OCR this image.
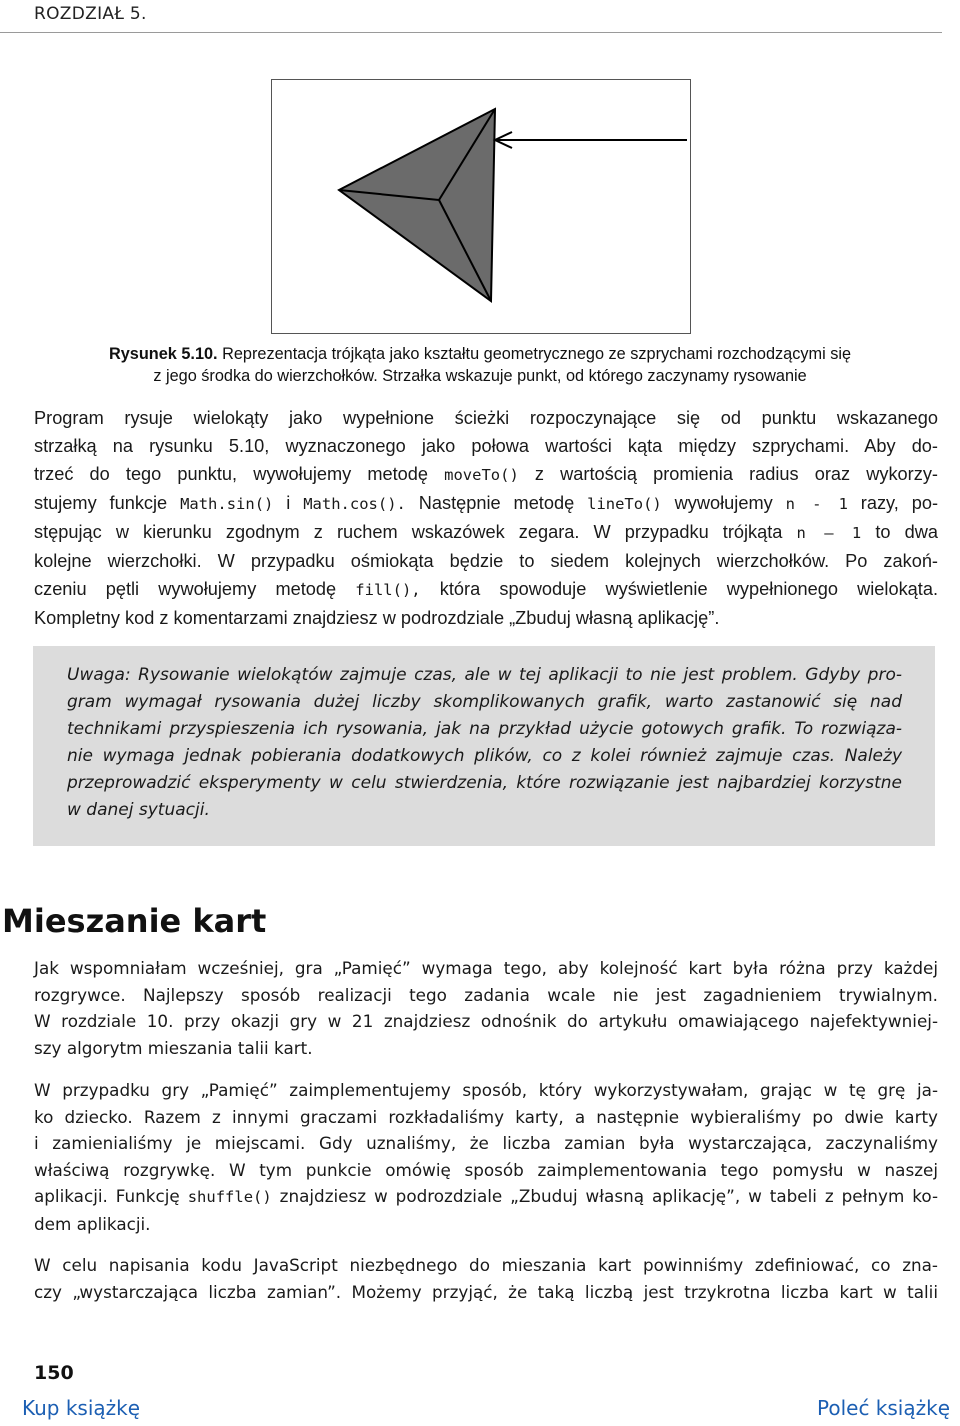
ROZDZIAŁ 5.
Rysunek 5.10. Reprezentacja trójkąta jako kształtu geometrycznego ze szprychami rozchodzącymi się
z jego środka do wierzchołków. Strzałka wskazuje punkt, od którego zaczynamy rysowanie
Program rysuje wielokąty jako wypełnione ścieżki rozpoczynające się od punktu wskazanego
strzałką na rysunku 5.10, wyznaczonego jako połowa wartości kąta między szprychami. Aby do-
trzeć do tego punktu, wywołujemy metodę moveTo() z wartością promienia radius oraz wykorzy-
stujemy funkcje Math.sin() i Math.cos(). Następnie metodę lineTo() wywołujemy n - 1 razy, po-
stępując w kierunku zgodnym z ruchem wskazówek zegara. W przypadku trójkąta n — 1 to dwa
kolejne wierzchołki. W przypadku ośmiokąta będzie to siedem kolejnych wierzchołków. Po zakoń-
czeniu pętli wywołujemy metodę fill(), która spowoduje wyświetlenie wypełnionego wielokąta.
Kompletny kod z komentarzami znajdziesz w podrozdziale „Zbuduj własną aplikację”.
Uwaga: Rysowanie wielokątów zajmuje czas, ale w tej aplikacji to nie jest problem. Gdyby pro-
gram wymagał rysowania dużej liczby skomplikowanych grafik, warto zastanowić się nad
technikami przyspieszenia ich rysowania, jak na przykład użycie gotowych grafik. To rozwiąza-
nie wymaga jednak pobierania dodatkowych plików, co z kolei również zajmuje czas. Należy
przeprowadzić eksperymenty w celu stwierdzenia, które rozwiązanie jest najbardziej korzystne
w danej sytuacji.
Mieszanie kart
Jak wspomniałam wcześniej, gra „Pamięć” wymaga tego, aby kolejność kart była różna przy każdej
rozgrywce. Najlepszy sposób realizacji tego zadania wcale nie jest zagadnieniem trywialnym.
W rozdziale 10. przy okazji gry w 21 znajdziesz odnośnik do artykułu omawiającego najefektywniej-
szy algorytm mieszania talii kart.
W przypadku gry „Pamięć” zaimplementujemy sposób, który wykorzystywałam, grając w tę grę ja-
ko dziecko. Razem z innymi graczami rozkładaliśmy karty, a następnie wybieraliśmy po dwie karty
i zamienialiśmy je miejscami. Gdy uznaliśmy, że liczba zamian była wystarczająca, zaczynaliśmy
właściwą rozgrywkę. W tym punkcie omówię sposób zaimplementowania tego pomysłu w naszej
aplikacji. Funkcję shuffle() znajdziesz w podrozdziale „Zbuduj własną aplikację”, w tabeli z pełnym ko-
dem aplikacji.
W celu napisania kodu JavaScript niezbędnego do mieszania kart powinniśmy zdefiniować, co zna-
czy „wystarczająca liczba zamian”. Możemy przyjąć, że taką liczbą jest trzykrotna liczba kart w talii
150
Kup książkę	Poleć książkę
